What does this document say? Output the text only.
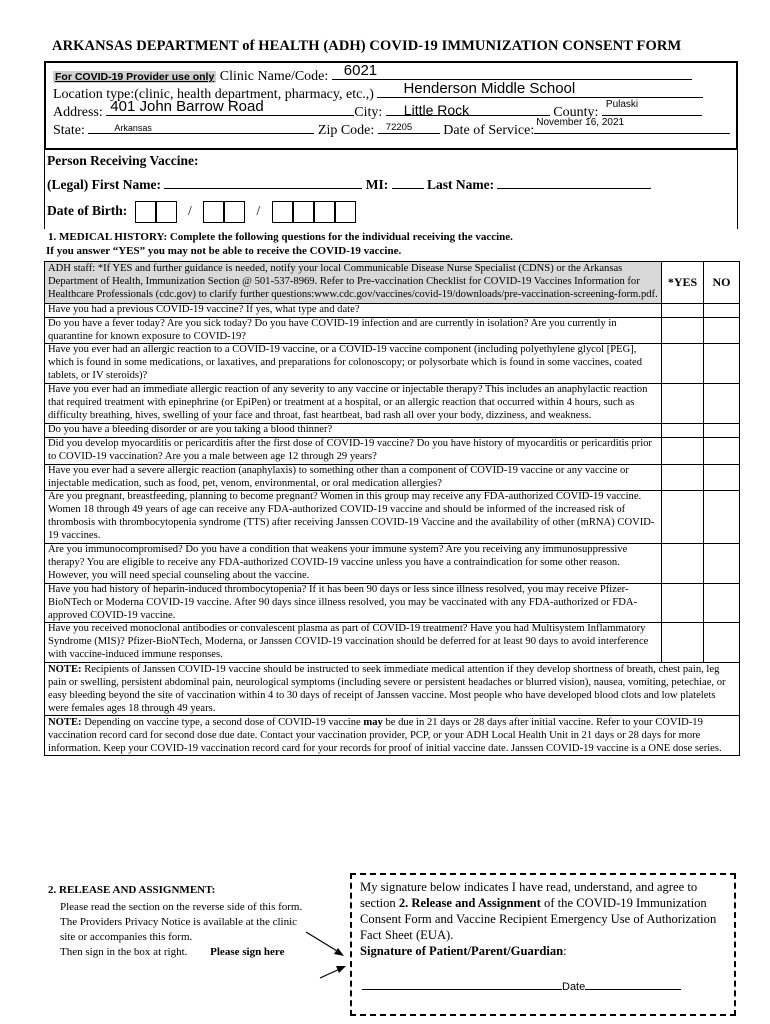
ARKANSAS DEPARTMENT of HEALTH (ADH) COVID-19 IMMUNIZATION CONSENT FORM
For COVID-19 Provider use only Clinic Name/Code: 6021
Location type:(clinic, health department, pharmacy, etc.,) Henderson Middle School
Address: 401 John Barrow Road	City: Little Rock	County:
Pulaski
State:	Arkansas	Zip Code: 72205 Date of Service:
November 16, 2021
Person Receiving Vaccine:
(Legal) First Name:	MI:	Last Name:
Date of Birth:	/	/
1. MEDICAL HISTORY: Complete the following questions for the individual receiving the vaccine.
If you answer “YES” you may not be able to receive the COVID-19 vaccine.
ADH staff: *If YES and further guidance is needed, notify your local Communicable Disease Nurse Specialist (CDNS) or the Arkansas Department of Health, Immunization Section @ 501-537-8969. Refer to Pre-vaccination Checklist for COVID-19 Vaccines Information for Healthcare Professionals (cdc.gov) to clarify further questions:www.cdc.gov/vaccines/covid-19/downloads/pre-vaccination-screening-form.pdf.	*YES	NO
Have you had a previous COVID-19 vaccine? If yes, what type and date?		
Do you have a fever today? Are you sick today? Do you have COVID-19 infection and are currently in isolation? Are you currently in quarantine for known exposure to COVID-19?		
Have you ever had an allergic reaction to a COVID-19 vaccine, or a COVID-19 vaccine component (including polyethylene glycol [PEG], which is found in some medications, or laxatives, and preparations for colonoscopy; or polysorbate which is found in some vaccines, coated tablets, or IV steroids)?		
Have you ever had an immediate allergic reaction of any severity to any vaccine or injectable therapy? This includes an anaphylactic reaction that required treatment with epinephrine (or EpiPen) or treatment at a hospital, or an allergic reaction that occurred within 4 hours, such as difficulty breathing, hives, swelling of your face and throat, fast heartbeat, bad rash all over your body, dizziness, and weakness.		
Do you have a bleeding disorder or are you taking a blood thinner?		
Did you develop myocarditis or pericarditis after the first dose of COVID-19 vaccine? Do you have history of myocarditis or pericarditis prior to COVID-19 vaccination? Are you a male between age 12 through 29 years?		
Have you ever had a severe allergic reaction (anaphylaxis) to something other than a component of COVID-19 vaccine or any vaccine or injectable medication, such as food, pet, venom, environmental, or oral medication allergies?		
Are you pregnant, breastfeeding, planning to become pregnant? Women in this group may receive any FDA-authorized COVID-19 vaccine. Women 18 through 49 years of age can receive any FDA-authorized COVID-19 vaccine and should be informed of the increased risk of thrombosis with thrombocytopenia syndrome (TTS) after receiving Janssen COVID-19 Vaccine and the availability of other (mRNA) COVID-19 vaccines.		
Are you immunocompromised? Do you have a condition that weakens your immune system? Are you receiving any immunosuppressive therapy? You are eligible to receive any FDA-authorized COVID-19 vaccine unless you have a contraindication for some other reason. However, you will need special counseling about the vaccine.		
Have you had history of heparin-induced thrombocytopenia? If it has been 90 days or less since illness resolved, you may receive Pfizer-BioNTech or Moderna COVID-19 vaccine. After 90 days since illness resolved, you may be vaccinated with any FDA-authorized or FDA-approved COVID-19 vaccine.		
Have you received monoclonal antibodies or convalescent plasma as part of COVID-19 treatment? Have you had Multisystem Inflammatory Syndrome (MIS)? Pfizer-BioNTech, Moderna, or Janssen COVID-19 vaccination should be deferred for at least 90 days to avoid interference with vaccine-induced immune responses.		
NOTE: Recipients of Janssen COVID-19 vaccine should be instructed to seek immediate medical attention if they develop shortness of breath, chest pain, leg pain or swelling, persistent abdominal pain, neurological symptoms (including severe or persistent headaches or blurred vision), nausea, vomiting, petechiae, or easy bleeding beyond the site of vaccination within 4 to 30 days of receipt of Janssen vaccine. Most people who have developed blood clots and low platelets were females ages 18 through 49 years.
NOTE: Depending on vaccine type, a second dose of COVID-19 vaccine may be due in 21 days or 28 days after initial vaccine. Refer to your COVID-19 vaccination record card for second dose due date. Contact your vaccination provider, PCP, or your ADH Local Health Unit in 21 days or 28 days for more information. Keep your COVID-19 vaccination record card for your records for proof of initial vaccine date. Janssen COVID-19 vaccine is a ONE dose series.
2. RELEASE AND ASSIGNMENT:
Please read the section on the reverse side of this form.
The Providers Privacy Notice is available at the clinic
site or accompanies this form.
Then sign in the box at right. Please sign here
My signature below indicates I have read, understand, and agree to section 2. Release and Assignment of the COVID-19 Immunization Consent Form and Vaccine Recipient Emergency Use of Authorization Fact Sheet (EUA).
Signature of Patient/Parent/Guardian:
Date
